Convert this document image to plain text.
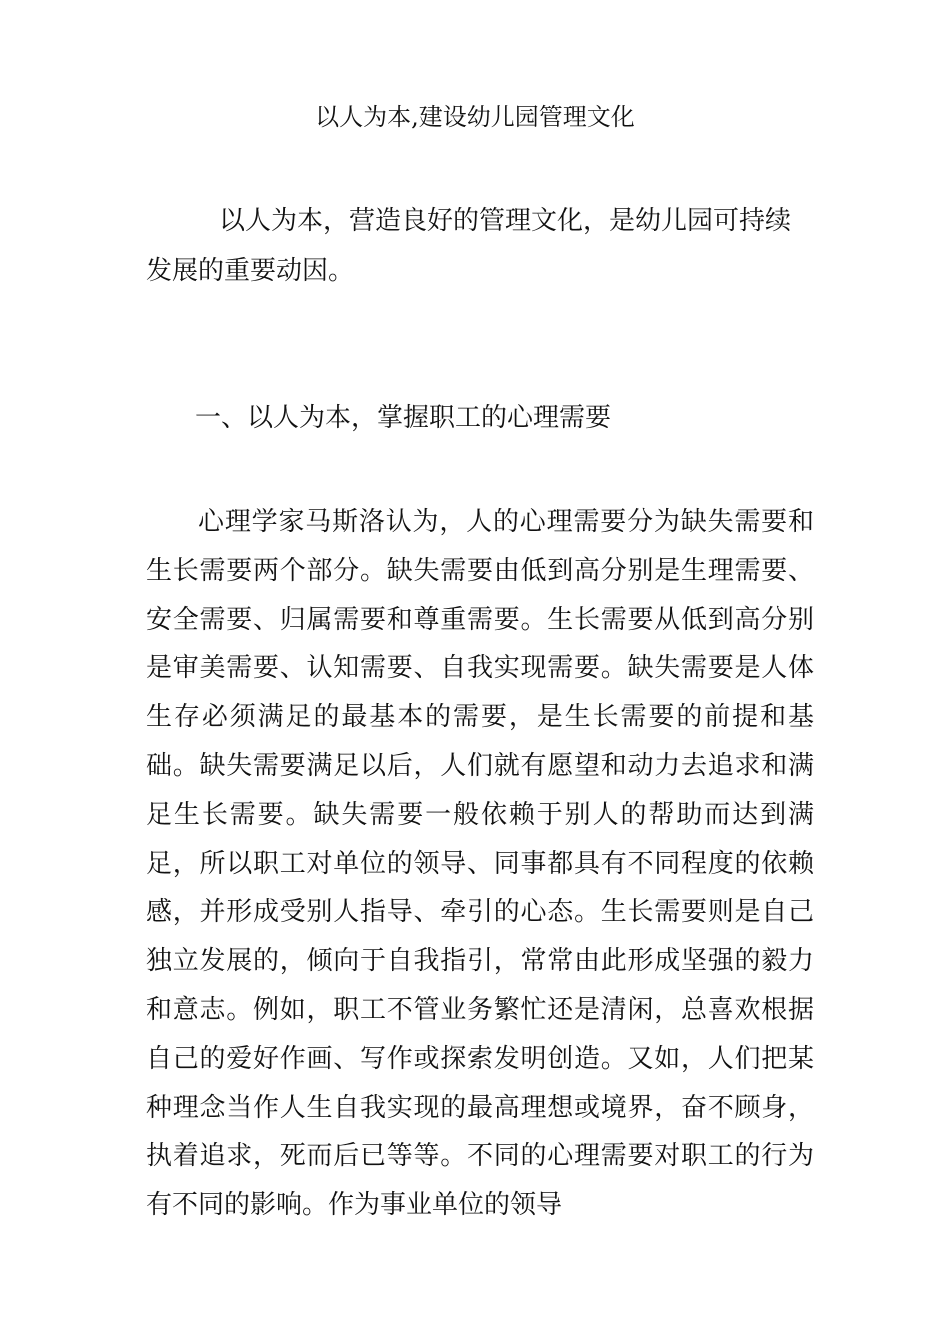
以人为本,建设幼儿园管理文化

以人为本，营造良好的管理文化，是幼儿园可持续发展的重要动因。

一、以人为本，掌握职工的心理需要

心理学家马斯洛认为，人的心理需要分为缺失需要和生长需要两个部分。缺失需要由低到高分别是生理需要、安全需要、归属需要和尊重需要。生长需要从低到高分别是审美需要、认知需要、自我实现需要。缺失需要是人体生存必须满足的最基本的需要，是生长需要的前提和基础。缺失需要满足以后，人们就有愿望和动力去追求和满足生长需要。缺失需要一般依赖于别人的帮助而达到满足，所以职工对单位的领导、同事都具有不同程度的依赖感，并形成受别人指导、牵引的心态。生长需要则是自己独立发展的，倾向于自我指引，常常由此形成坚强的毅力和意志。例如，职工不管业务繁忙还是清闲，总喜欢根据自己的爱好作画、写作或探索发明创造。又如，人们把某种理念当作人生自我实现的最高理想或境界，奋不顾身，执着追求，死而后已等等。不同的心理需要对职工的行为有不同的影响。作为事业单位的领导
